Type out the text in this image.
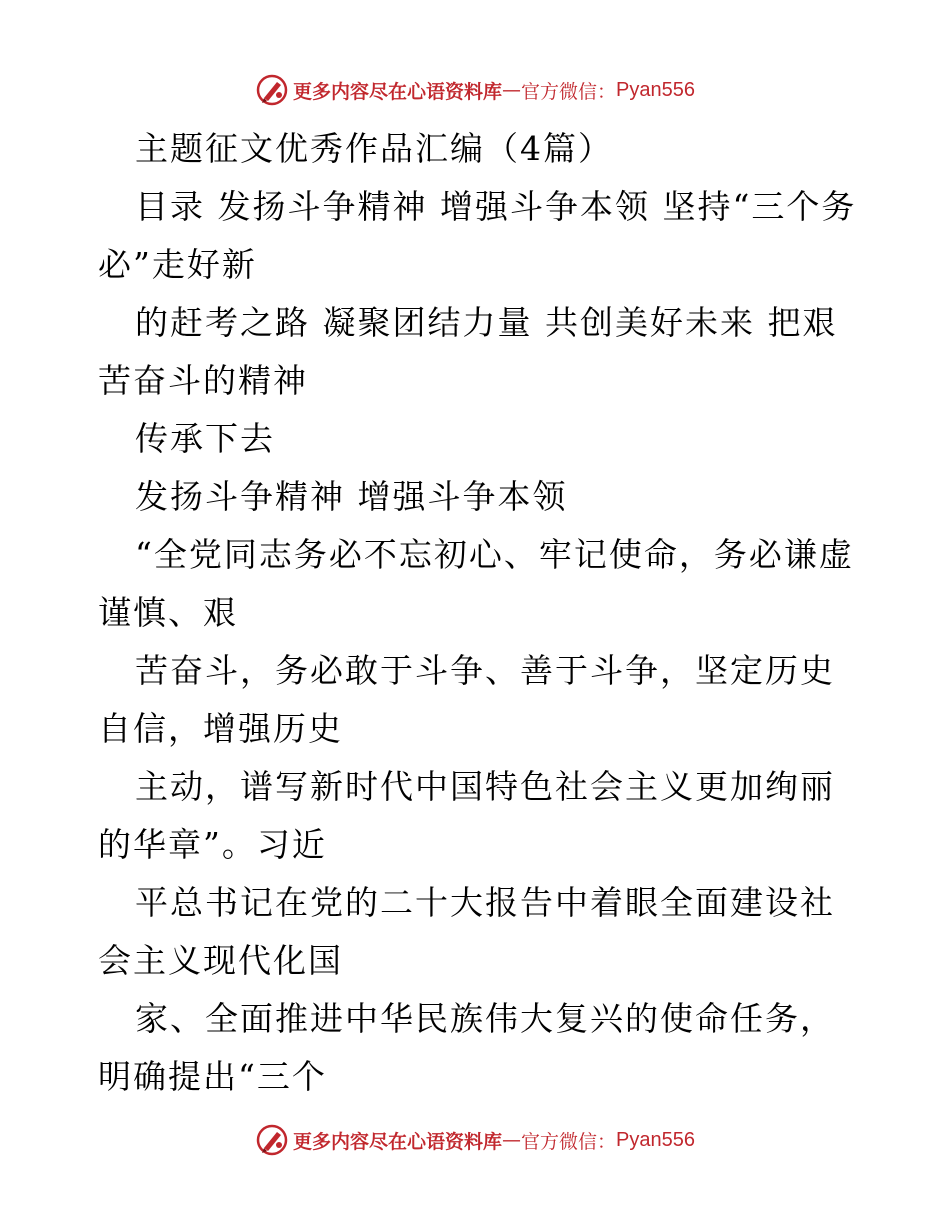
更多内容尽在心语资料库 — 官方微信： Pyan556

主题征文优秀作品汇编（4篇）

目录 发扬斗争精神 增强斗争本领 坚持“三个务必”走好新

的赶考之路 凝聚团结力量 共创美好未来 把艰苦奋斗的精神

传承下去

发扬斗争精神 增强斗争本领

“全党同志务必不忘初心、牢记使命，务必谦虚谨慎、艰

苦奋斗，务必敢于斗争、善于斗争，坚定历史自信，增强历史

主动，谱写新时代中国特色社会主义更加绚丽的华章”。习近

平总书记在党的二十大报告中着眼全面建设社会主义现代化国

家、全面推进中华民族伟大复兴的使命任务，明确提出“三个

更多内容尽在心语资料库 — 官方微信： Pyan556
